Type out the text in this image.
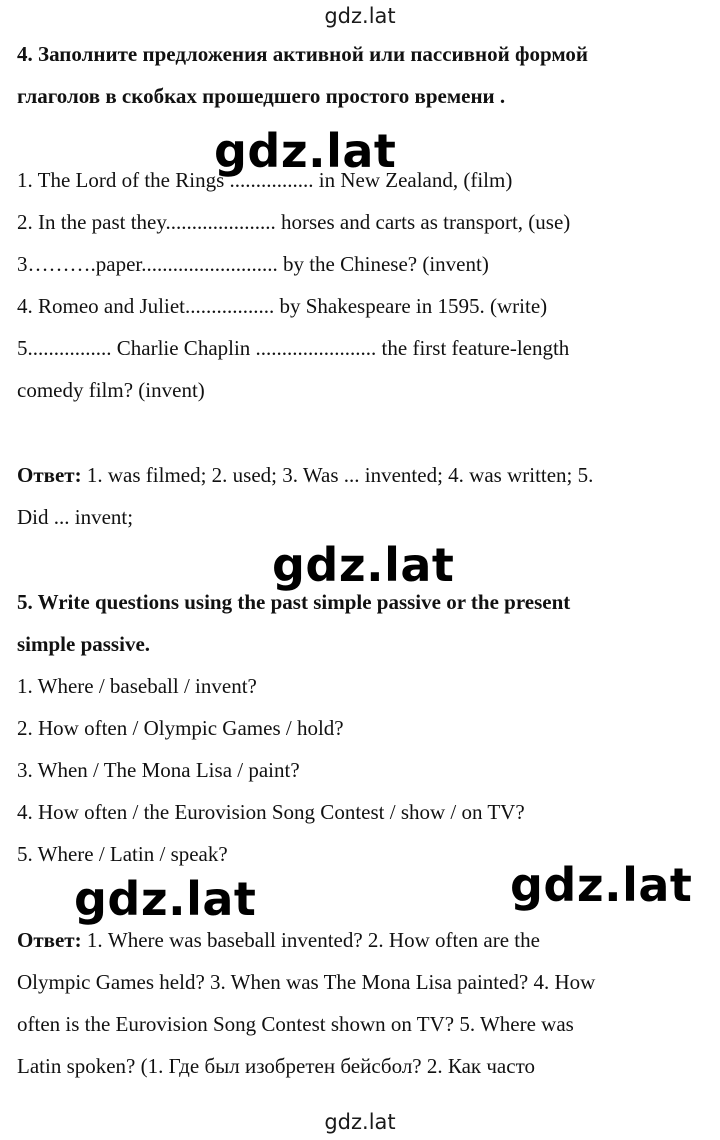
gdz.lat
4. Заполните предложения активной или пассивной формой
глаголов в скобках прошедшего простого времени .
1. The Lord of the Rings ................ in New Zealand, (film)
2. In the past they..................... horses and carts as transport, (use)
3……….paper.......................... by the Chinese? (invent)
4. Romeo and Juliet................. by Shakespeare in 1595. (write)
5................ Charlie Chaplin ....................... the first feature-length
comedy film? (invent)
Ответ: 1. was filmed; 2. used; 3. Was ... invented; 4. was written; 5.
Did ... invent;
5. Write questions using the past simple passive or the present
simple passive.
1. Where / baseball / invent?
2. How often / Olympic Games / hold?
3. When / The Mona Lisa / paint?
4. How often / the Eurovision Song Contest / show / on TV?
5. Where / Latin / speak?
Ответ: 1. Where was baseball invented? 2. How often are the
Olympic Games held? 3. When was The Mona Lisa painted? 4. How
often is the Eurovision Song Contest shown on TV? 5. Where was
Latin spoken? (1. Где был изобретен бейсбол? 2. Как часто
gdz.lat
gdz.lat
gdz.lat	gdz.lat
gdz.lat
